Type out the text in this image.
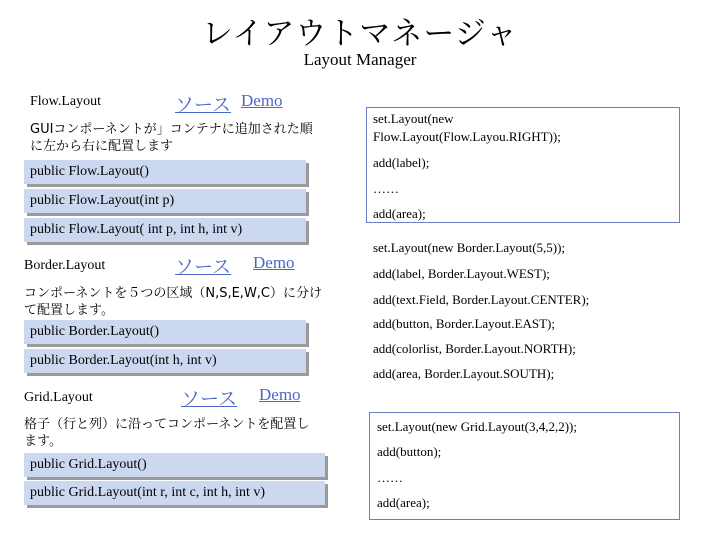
レイアウトマネージャ
Layout Manager
Flow.Layout	ソース Demo
GUIコンポーネントが」コンテナに追加された順
に左から右に配置します
public Flow.Layout()
public Flow.Layout(int p)
public Flow.Layout( int p, int h, int v)
set.Layout(new
Flow.Layout(Flow.Layou.RIGHT));
add(label);
……
add(area);
Border.Layout	ソース Demo
コンポーネントを５つの区域（N,S,E,W,C）に分け
て配置します。
public Border.Layout()
public Border.Layout(int h, int v)
set.Layout(new Border.Layout(5,5));
add(label, Border.Layout.WEST);
add(text.Field, Border.Layout.CENTER);
add(button, Border.Layout.EAST);
add(colorlist, Border.Layout.NORTH);
add(area, Border.Layout.SOUTH);
Grid.Layout	ソース Demo
格子（行と列）に沿ってコンポーネントを配置し
ます。
public Grid.Layout()
public Grid.Layout(int r, int c, int h, int v)
set.Layout(new Grid.Layout(3,4,2,2));
add(button);
……
add(area);
